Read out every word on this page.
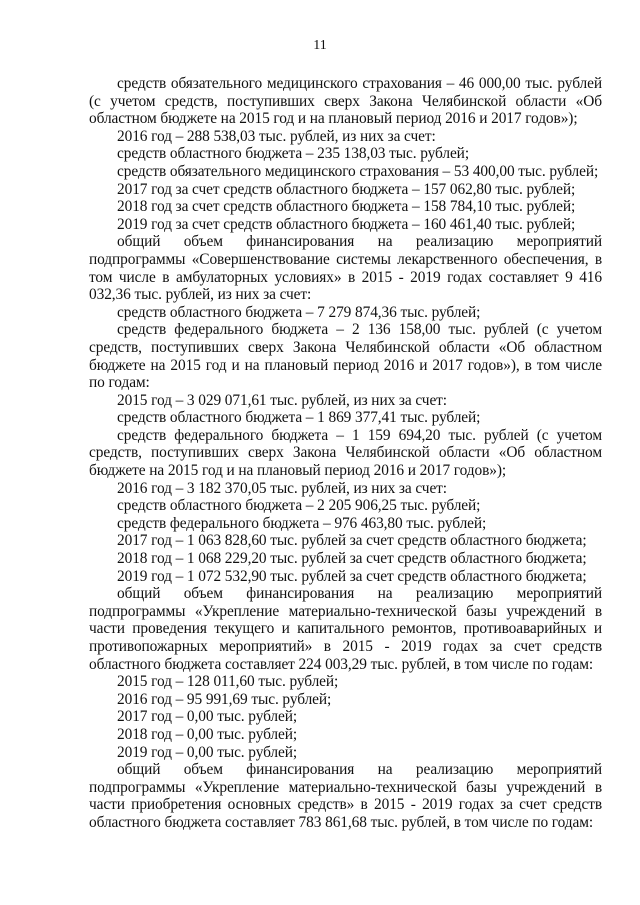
11

средств обязательного медицинского страхования – 46 000,00 тыс. рублей (с учетом средств, поступивших сверх Закона Челябинской области «Об областном бюджете на 2015 год и на плановый период 2016 и 2017 годов»);

2016 год – 288 538,03 тыс. рублей, из них за счет:

средств областного бюджета – 235 138,03 тыс. рублей;

средств обязательного медицинского страхования – 53 400,00 тыс. рублей;

2017 год за счет средств областного бюджета – 157 062,80 тыс. рублей;

2018 год за счет средств областного бюджета – 158 784,10 тыс. рублей;

2019 год за счет средств областного бюджета – 160 461,40 тыс. рублей;

общий объем финансирования на реализацию мероприятий подпрограммы «Совершенствование системы лекарственного обеспечения, в том числе в амбулаторных условиях» в 2015 - 2019 годах составляет 9 416 032,36 тыс. рублей, из них за счет:

средств областного бюджета – 7 279 874,36 тыс. рублей;

средств федерального бюджета – 2 136 158,00 тыс. рублей (с учетом средств, поступивших сверх Закона Челябинской области «Об областном бюджете на 2015 год и на плановый период 2016 и 2017 годов»), в том числе по годам:

2015 год – 3 029 071,61 тыс. рублей, из них за счет:

средств областного бюджета – 1 869 377,41 тыс. рублей;

средств федерального бюджета – 1 159 694,20 тыс. рублей (с учетом средств, поступивших сверх Закона Челябинской области «Об областном бюджете на 2015 год и на плановый период 2016 и 2017 годов»);

2016 год – 3 182 370,05 тыс. рублей, из них за счет:

средств областного бюджета – 2 205 906,25 тыс. рублей;

средств федерального бюджета – 976 463,80 тыс. рублей;

2017 год – 1 063 828,60 тыс. рублей за счет средств областного бюджета;

2018 год – 1 068 229,20 тыс. рублей за счет средств областного бюджета;

2019 год – 1 072 532,90 тыс. рублей за счет средств областного бюджета;

общий объем финансирования на реализацию мероприятий подпрограммы «Укрепление материально-технической базы учреждений в части проведения текущего и капитального ремонтов, противоаварийных и противопожарных мероприятий» в 2015 - 2019 годах за счет средств областного бюджета составляет 224 003,29 тыс. рублей, в том числе по годам:

2015 год – 128 011,60 тыс. рублей;

2016 год – 95 991,69 тыс. рублей;

2017 год – 0,00 тыс. рублей;

2018 год – 0,00 тыс. рублей;

2019 год – 0,00 тыс. рублей;

общий объем финансирования на реализацию мероприятий подпрограммы «Укрепление материально-технической базы учреждений в части приобретения основных средств» в 2015 - 2019 годах за счет средств областного бюджета составляет 783 861,68 тыс. рублей, в том числе по годам:
